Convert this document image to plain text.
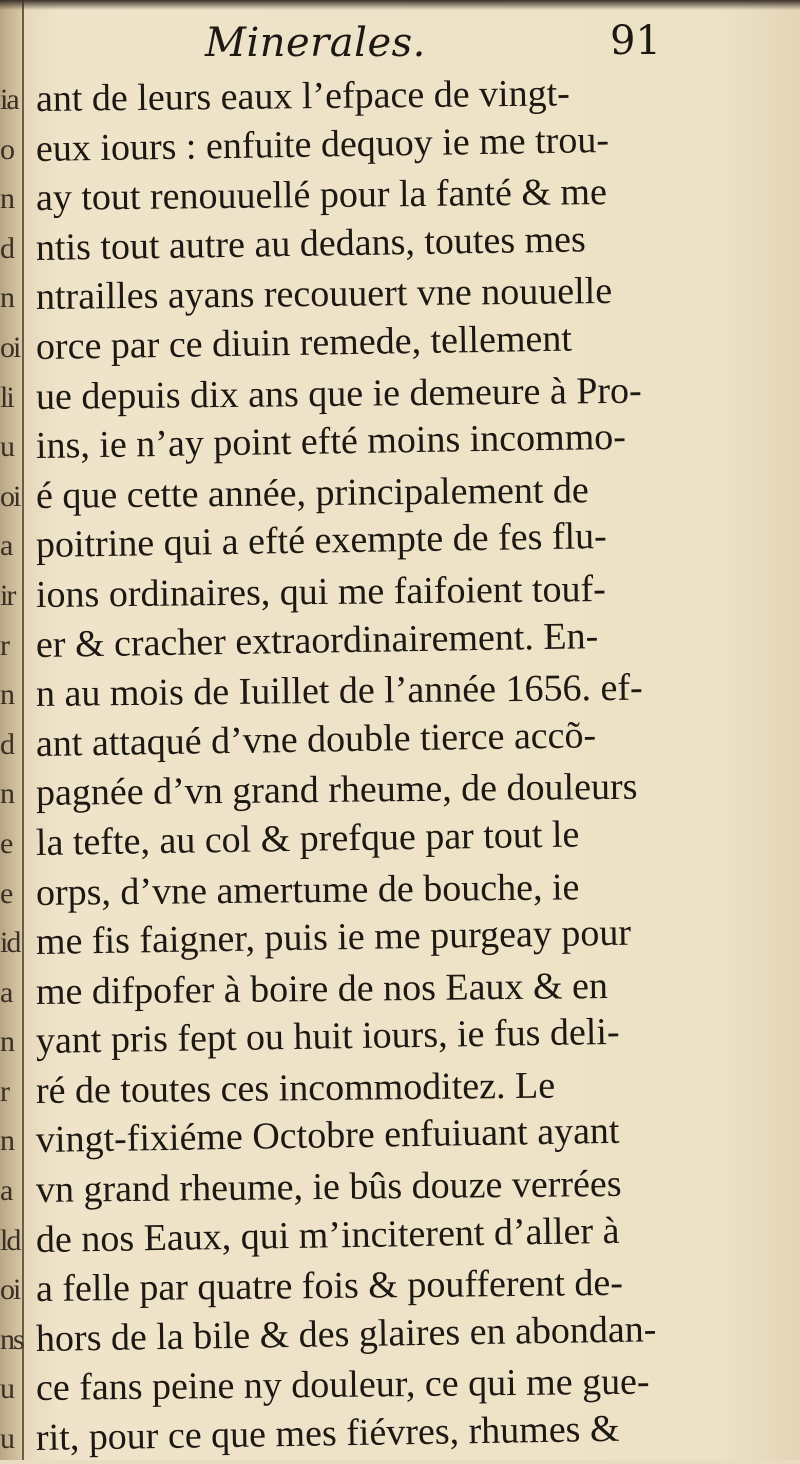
Minerales.	91
ia
o
n
d
n
oi
li
u
oi
a
ir
r
n
d
n
e
e
id
a
n
r
n
a
ld
oi
ns
u
u
ant de leurs eaux l’efpace de vingt-
eux iours : enfuite dequoy ie me trou-
ay tout renouuellé pour la fanté & me
ntis tout autre au dedans, toutes mes
ntrailles ayans recouuert vne nouuelle
orce par ce diuin remede, tellement
ue depuis dix ans que ie demeure à Pro-
ins, ie n’ay point efté moins incommo-
é que cette année, principalement de
poitrine qui a efté exempte de fes flu-
ions ordinaires, qui me faifoient touf-
er & cracher extraordinairement. En-
n au mois de Iuillet de l’année 1656. ef-
ant attaqué d’vne double tierce accõ-
pagnée d’vn grand rheume, de douleurs
la tefte, au col & prefque par tout le
orps, d’vne amertume de bouche, ie
me fis faigner, puis ie me purgeay pour
me difpofer à boire de nos Eaux & en
yant pris fept ou huit iours, ie fus deli-
ré de toutes ces incommoditez. Le
vingt-fixiéme Octobre enfuiuant ayant
vn grand rheume, ie bûs douze verrées
de nos Eaux, qui m’inciterent d’aller à
a felle par quatre fois & poufferent de-
hors de la bile & des glaires en abondan-
ce fans peine ny douleur, ce qui me gue-
rit, pour ce que mes fiévres, rhumes &
